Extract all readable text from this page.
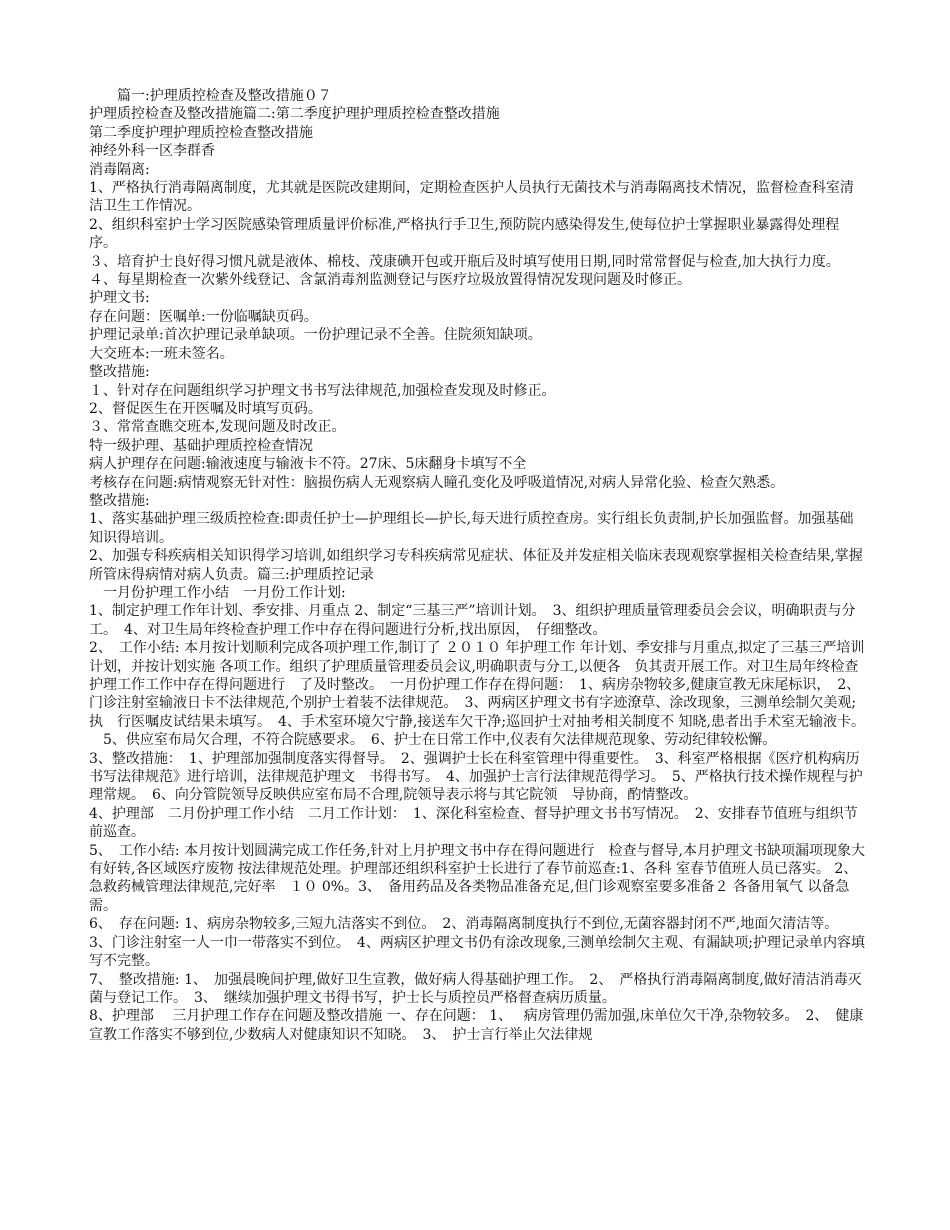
　　篇一:护理质控检查及整改措施０７

护理质控检查及整改措施篇二:第二季度护理护理质控检查整改措施

第二季度护理护理质控检查整改措施

神经外科一区李群香

消毒隔离:

1、严格执行消毒隔离制度，尤其就是医院改建期间，定期检查医护人员执行无菌技术与消毒隔离技术情况，监督检查科室清洁卫生工作情况。

2、组织科室护士学习医院感染管理质量评价标准,严格执行手卫生,预防院内感染得发生,使每位护士掌握职业暴露得处理程序。

３、培育护士良好得习惯凡就是液体、棉枝、茂康碘开包或开瓶后及时填写使用日期,同时常常督促与检查,加大执行力度。

４、每星期检查一次紫外线登记、含氯消毒剂监测登记与医疗垃圾放置得情况发现问题及时修正。

护理文书:

存在问题：医嘱单:一份临嘱缺页码。

护理记录单:首次护理记录单缺项。一份护理记录不全善。住院须知缺项。

大交班本:一班未签名。

整改措施:

１、针对存在问题组织学习护理文书书写法律规范,加强检查发现及时修正。

2、督促医生在开医嘱及时填写页码。

３、常常查瞧交班本,发现问题及时改正。

特一级护理、基础护理质控检查情况

病人护理存在问题:输液速度与输液卡不符。27床、5床翻身卡填写不全

考核存在问题:病情观察无针对性：脑损伤病人无观察病人瞳孔变化及呼吸道情况,对病人异常化验、检查欠熟悉。

整改措施:

1、落实基础护理三级质控检查:即责任护士—护理组长—护长,每天进行质控查房。实行组长负责制,护长加强监督。加强基础知识得培训。

2、加强专科疾病相关知识得学习培训,如组织学习专科疾病常见症状、体征及并发症相关临床表现观察掌握相关检查结果,掌握所管床得病情对病人负责。篇三:护理质控记录

　一月份护理工作小结　一月份工作计划:

1、制定护理工作年计划、季安排、月重点 2、制定“三基三严”培训计划。　3、组织护理质量管理委员会会议，明确职责与分工。　4、对卫生局年终检查护理工作中存在得问题进行分析,找出原因，　仔细整改。

2、　工作小结: 本月按计划顺利完成各项护理工作,制订了 ２０１０ 年护理工作 年计划、季安排与月重点,拟定了三基三严培训计划，并按计划实施 各项工作。组织了护理质量管理委员会议,明确职责与分工,以便各　负其责开展工作。对卫生局年终检查护理工作工作中存在得问题进行　了及时整改。　一月份护理工作存在得问题：　1、病房杂物较多,健康宣教无床尾标识，　2、门诊注射室输液日卡不法律规范,个别护士着装不法律规范。　3、两病区护理文书有字迹潦草、涂改现象，三测单绘制欠美观;执　行医嘱皮试结果未填写。　4、手术室环境欠宁静,接送车欠干净;巡回护士对抽考相关制度不 知晓,患者出手术室无输液卡。

　5、供应室布局欠合理，不符合院感要求。　6、护士在日常工作中,仪表有欠法律规范现象、劳动纪律较松懈。

3、整改措施：　1、护理部加强制度落实得督导。　2、强调护士长在科室管理中得重要性。　3、科室严格根据《医疗机构病历书写法律规范》进行培训，法律规范护理文　书得书写。　4、加强护士言行法律规范得学习。　5、严格执行技术操作规程与护理常规。　6、向分管院领导反映供应室布局不合理,院领导表示将与其它院领　导协商，酌情整改。

4、护理部　二月份护理工作小结　二月工作计划：　1、深化科室检查、督导护理文书书写情况。　2、安排春节值班与组织节前巡查。

5、　工作小结: 本月按计划圆满完成工作任务,针对上月护理文书中存在得问题进行　检查与督导,本月护理文书缺项漏项现象大有好转,各区域医疗废物 按法律规范处理。护理部还组织科室护士长进行了春节前巡查:1、各科 室春节值班人员已落实。 2、急救药械管理法律规范,完好率　１０ 0%。3、　备用药品及各类物品准备充足,但门诊观察室要多准备２ 各备用氧气 以备急需。

6、　存在问题: 1、病房杂物较多,三短九洁落实不到位。　2、消毒隔离制度执行不到位,无菌容器封闭不严,地面欠清洁等。　3、门诊注射室一人一巾一带落实不到位。　4、两病区护理文书仍有涂改现象,三测单绘制欠主观、有漏缺项;护理记录单内容填写不完整。

7、　整改措施: 1、　加强晨晚间护理,做好卫生宣教，做好病人得基础护理工作。　2、　严格执行消毒隔离制度,做好清洁消毒灭菌与登记工作。　3、　继续加强护理文书得书写，护士长与质控员严格督查病历质量。

8、护理部　 三月护理工作存在问题及整改措施 一、存在问题： 1、　 病房管理仍需加强,床单位欠干净,杂物较多。　2、　健康宣教工作落实不够到位,少数病人对健康知识不知晓。　3、　护士言行举止欠法律规
